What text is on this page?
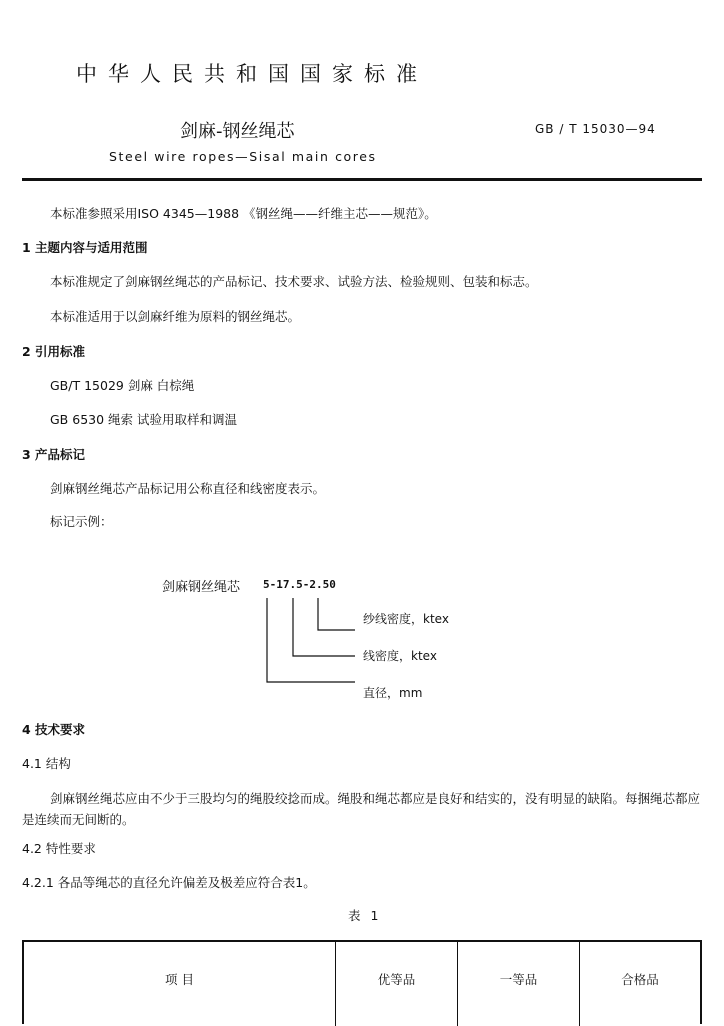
中华人民共和国国家标准
剑麻-钢丝绳芯	GB / T 15030—94
Steel wire ropes—Sisal main cores
本标准参照采用ISO 4345—1988 《钢丝绳——纤维主芯——规范》。
1 主题内容与适用范围
本标准规定了剑麻钢丝绳芯的产品标记、技术要求、试验方法、检验规则、包装和标志。
本标准适用于以剑麻纤维为原料的钢丝绳芯。
2 引用标准
GB/T 15029 剑麻 白棕绳
GB 6530 绳索 试验用取样和调温
3 产品标记
剑麻钢丝绳芯产品标记用公称直径和线密度表示。
标记示例：
剑麻钢丝绳芯 5-17.5-2.50
纱线密度，ktex
线密度，ktex
直径，mm
4 技术要求
4.1 结构
剑麻钢丝绳芯应由不少于三股均匀的绳股绞捻而成。绳股和绳芯都应是良好和结实的，没有明显的缺陷。每捆绳芯都应是连续而无间断的。
4.2 特性要求
4.2.1 各品等绳芯的直径允许偏差及极差应符合表1。
表 1
项 目	优等品	一等品	合格品
